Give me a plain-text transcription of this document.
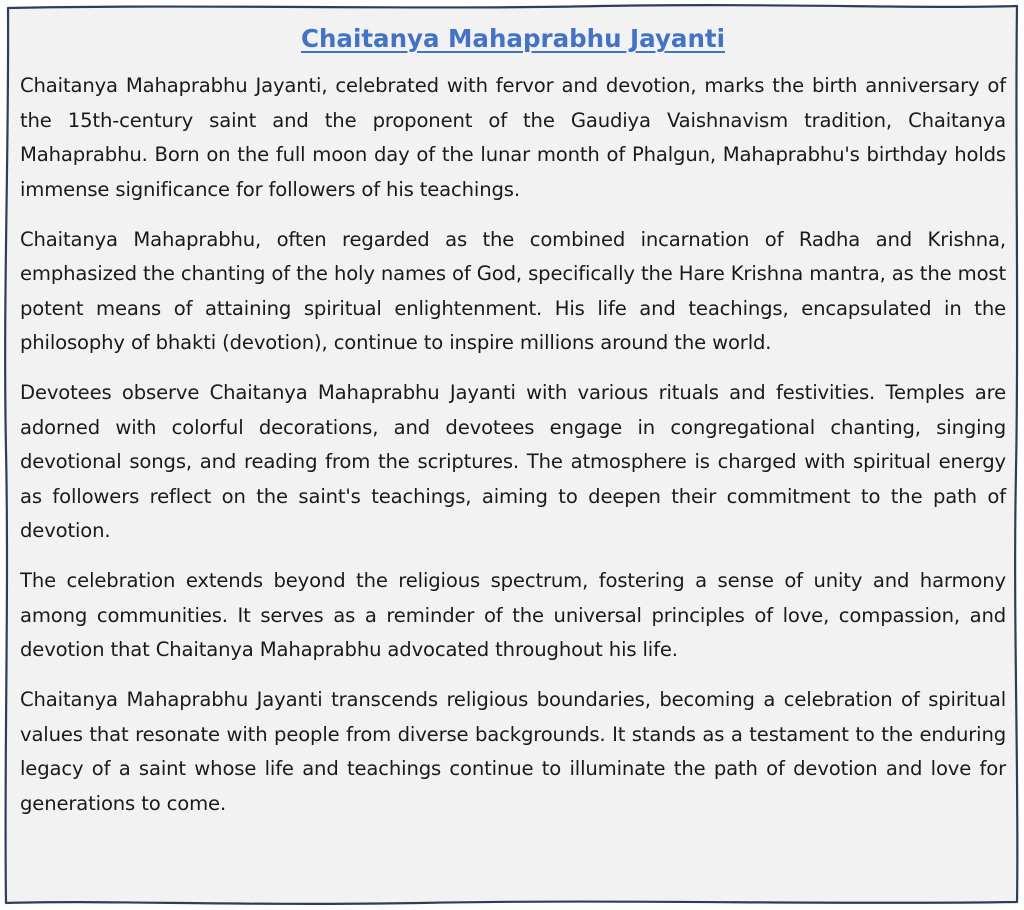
Chaitanya Mahaprabhu Jayanti

Chaitanya Mahaprabhu Jayanti, celebrated with fervor and devotion, marks the birth anniversary of the 15th-century saint and the proponent of the Gaudiya Vaishnavism tradition, Chaitanya Mahaprabhu. Born on the full moon day of the lunar month of Phalgun, Mahaprabhu's birthday holds immense significance for followers of his teachings.

Chaitanya Mahaprabhu, often regarded as the combined incarnation of Radha and Krishna, emphasized the chanting of the holy names of God, specifically the Hare Krishna mantra, as the most potent means of attaining spiritual enlightenment. His life and teachings, encapsulated in the philosophy of bhakti (devotion), continue to inspire millions around the world.

Devotees observe Chaitanya Mahaprabhu Jayanti with various rituals and festivities. Temples are adorned with colorful decorations, and devotees engage in congregational chanting, singing devotional songs, and reading from the scriptures. The atmosphere is charged with spiritual energy as followers reflect on the saint's teachings, aiming to deepen their commitment to the path of devotion.

The celebration extends beyond the religious spectrum, fostering a sense of unity and harmony among communities. It serves as a reminder of the universal principles of love, compassion, and devotion that Chaitanya Mahaprabhu advocated throughout his life.

Chaitanya Mahaprabhu Jayanti transcends religious boundaries, becoming a celebration of spiritual values that resonate with people from diverse backgrounds. It stands as a testament to the enduring legacy of a saint whose life and teachings continue to illuminate the path of devotion and love for generations to come.
